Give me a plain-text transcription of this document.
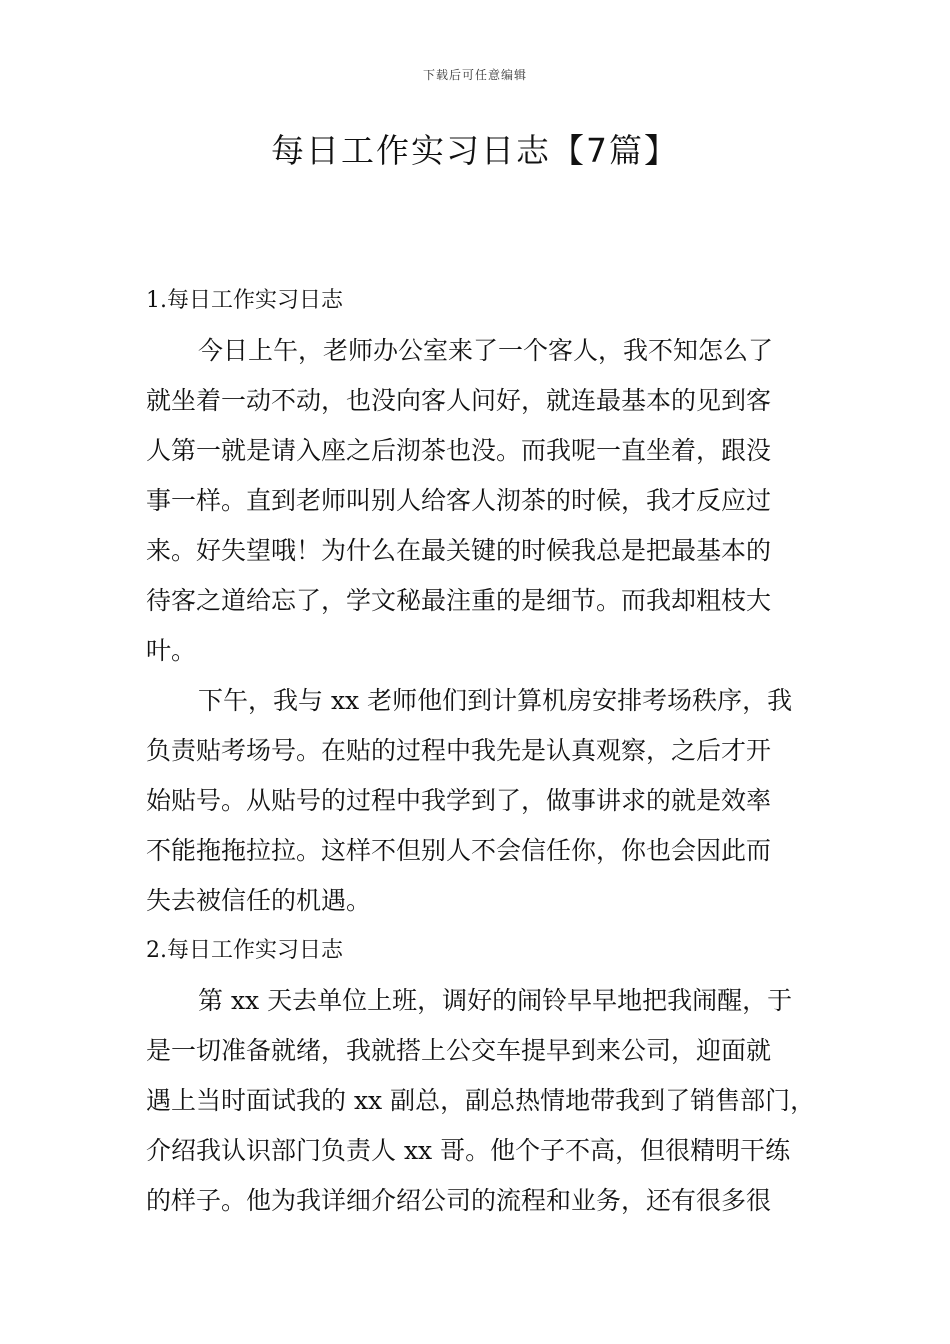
下载后可任意编辑
每日工作实习日志【7篇】
1.每日工作实习日志
今日上午，老师办公室来了一个客人，我不知怎么了
就坐着一动不动，也没向客人问好，就连最基本的见到客
人第一就是请入座之后沏茶也没。而我呢一直坐着，跟没
事一样。直到老师叫别人给客人沏茶的时候，我才反应过
来。好失望哦！为什么在最关键的时候我总是把最基本的
待客之道给忘了，学文秘最注重的是细节。而我却粗枝大
叶。
下午，我与 xx 老师他们到计算机房安排考场秩序，我
负责贴考场号。在贴的过程中我先是认真观察，之后才开
始贴号。从贴号的过程中我学到了，做事讲求的就是效率
不能拖拖拉拉。这样不但别人不会信任你，你也会因此而
失去被信任的机遇。
2.每日工作实习日志
第 xx 天去单位上班，调好的闹铃早早地把我闹醒，于
是一切准备就绪，我就搭上公交车提早到来公司，迎面就
遇上当时面试我的 xx 副总，副总热情地带我到了销售部门，
介绍我认识部门负责人 xx 哥。他个子不高，但很精明干练
的样子。他为我详细介绍公司的流程和业务，还有很多很
